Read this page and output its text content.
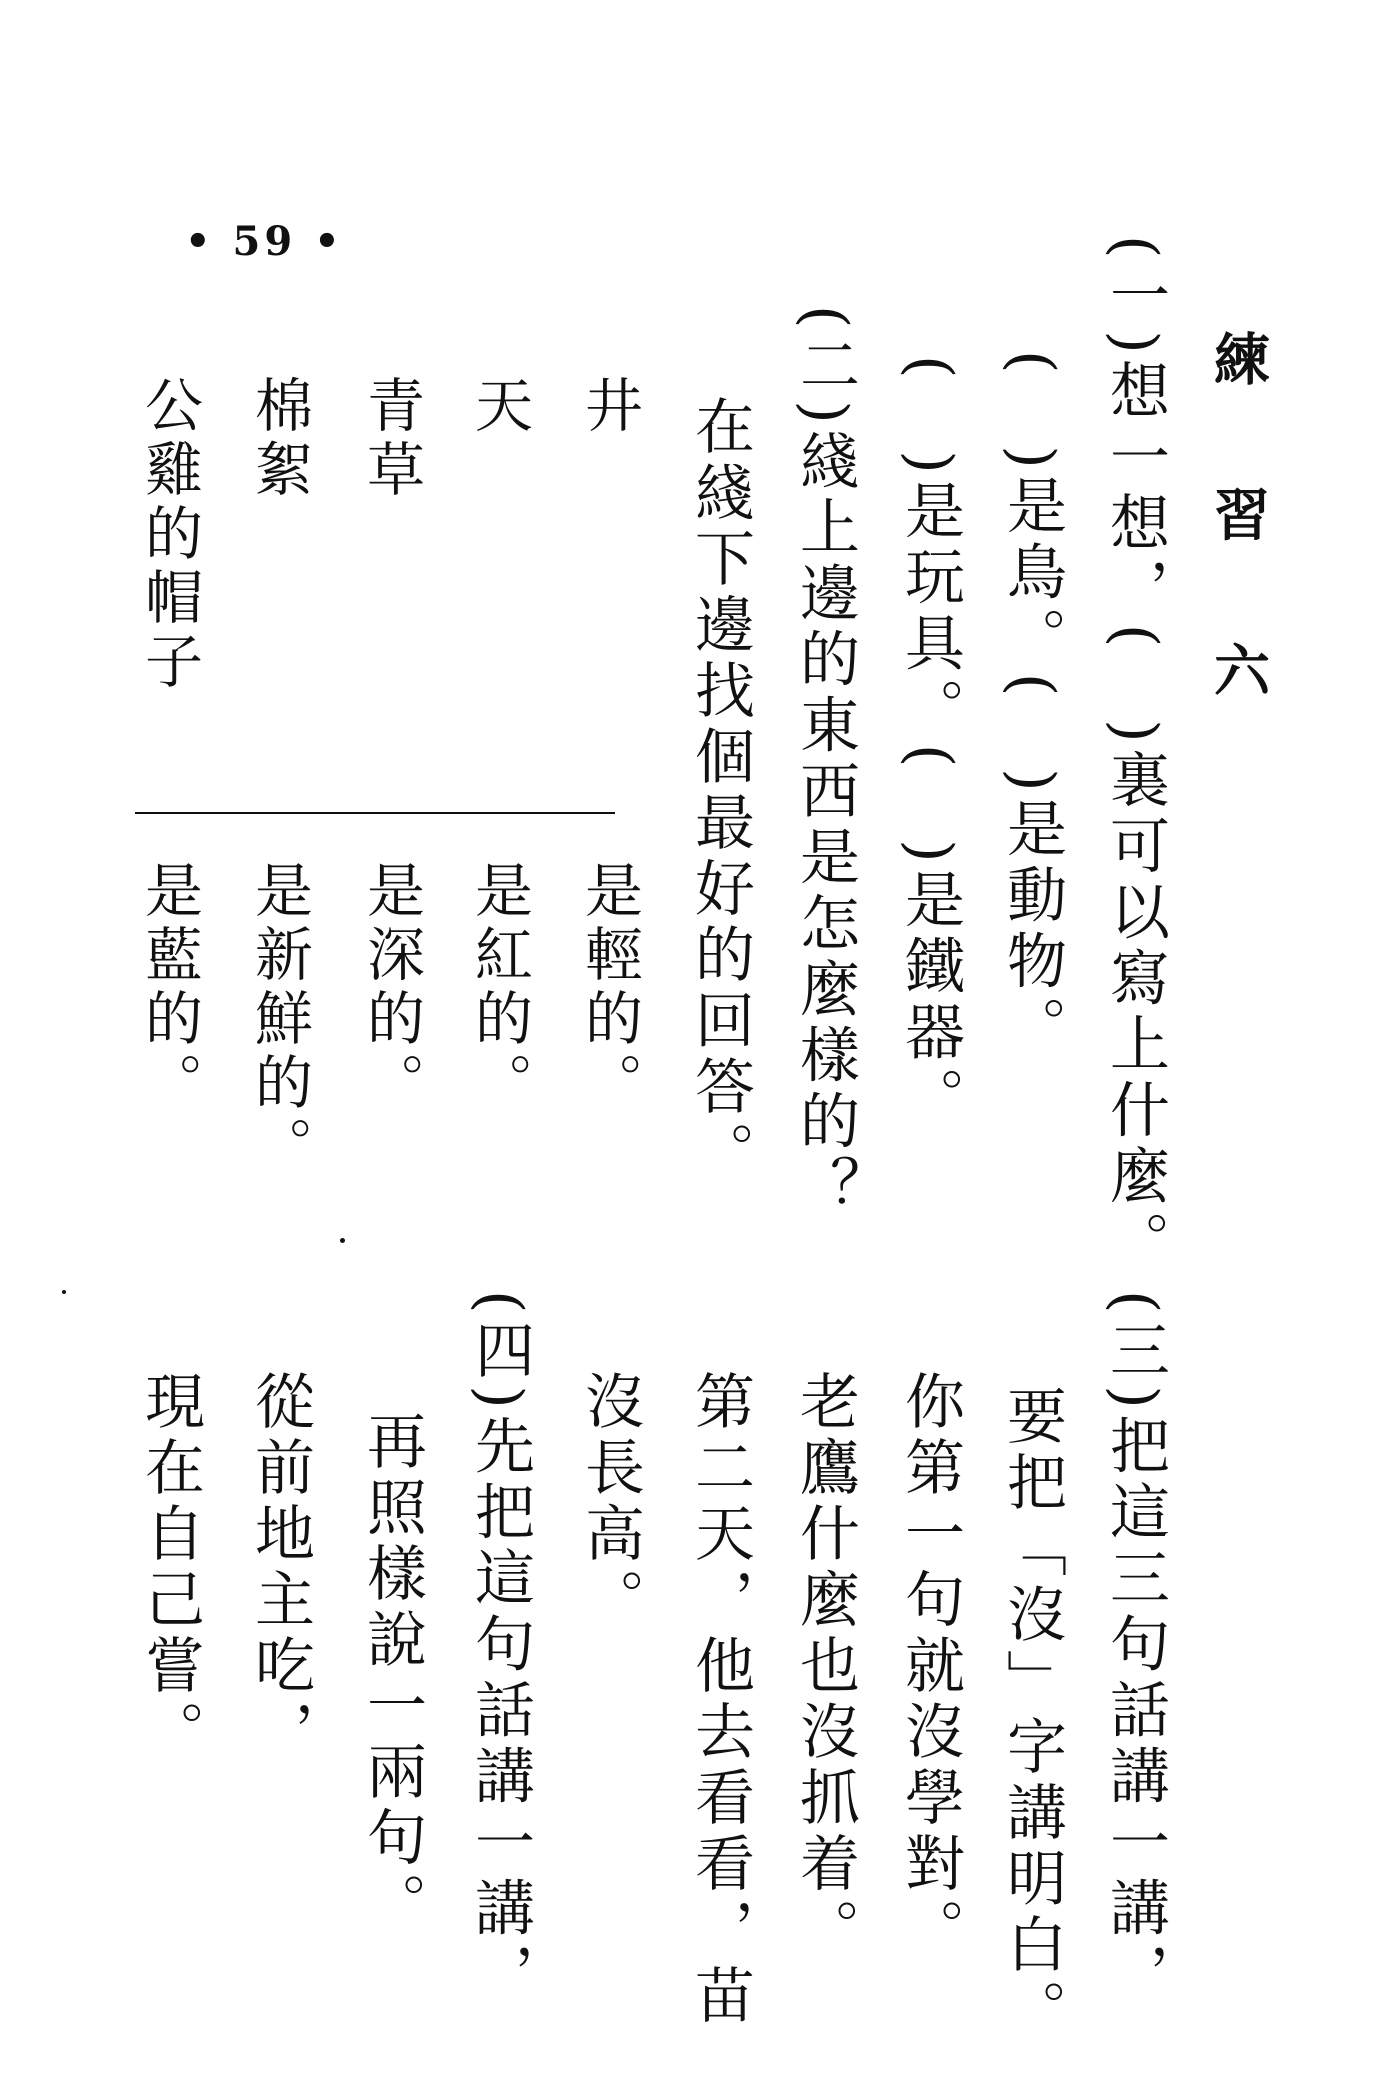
• 59 •
練 習 六
(一)想一想，(　)裏可以寫上什麼。
(　)是鳥。(　)是動物。
(　)是玩具。(　)是鐵器。
(二)綫上邊的東西是怎麼樣的？
在綫下邊找個最好的回答。
井
天
青草
棉絮
公雞的帽子
是輕的。
是紅的。
是深的。
是新鮮的。
是藍的。
(三)把這三句話講一講，
要把「沒」字講明白。
你第一句就沒學對。
老鷹什麼也沒抓着。
第二天，他去看看，苗
沒長高。
(四)先把這句話講一講，
再照樣說一兩句。
從前地主吃，
現在自己嘗。
